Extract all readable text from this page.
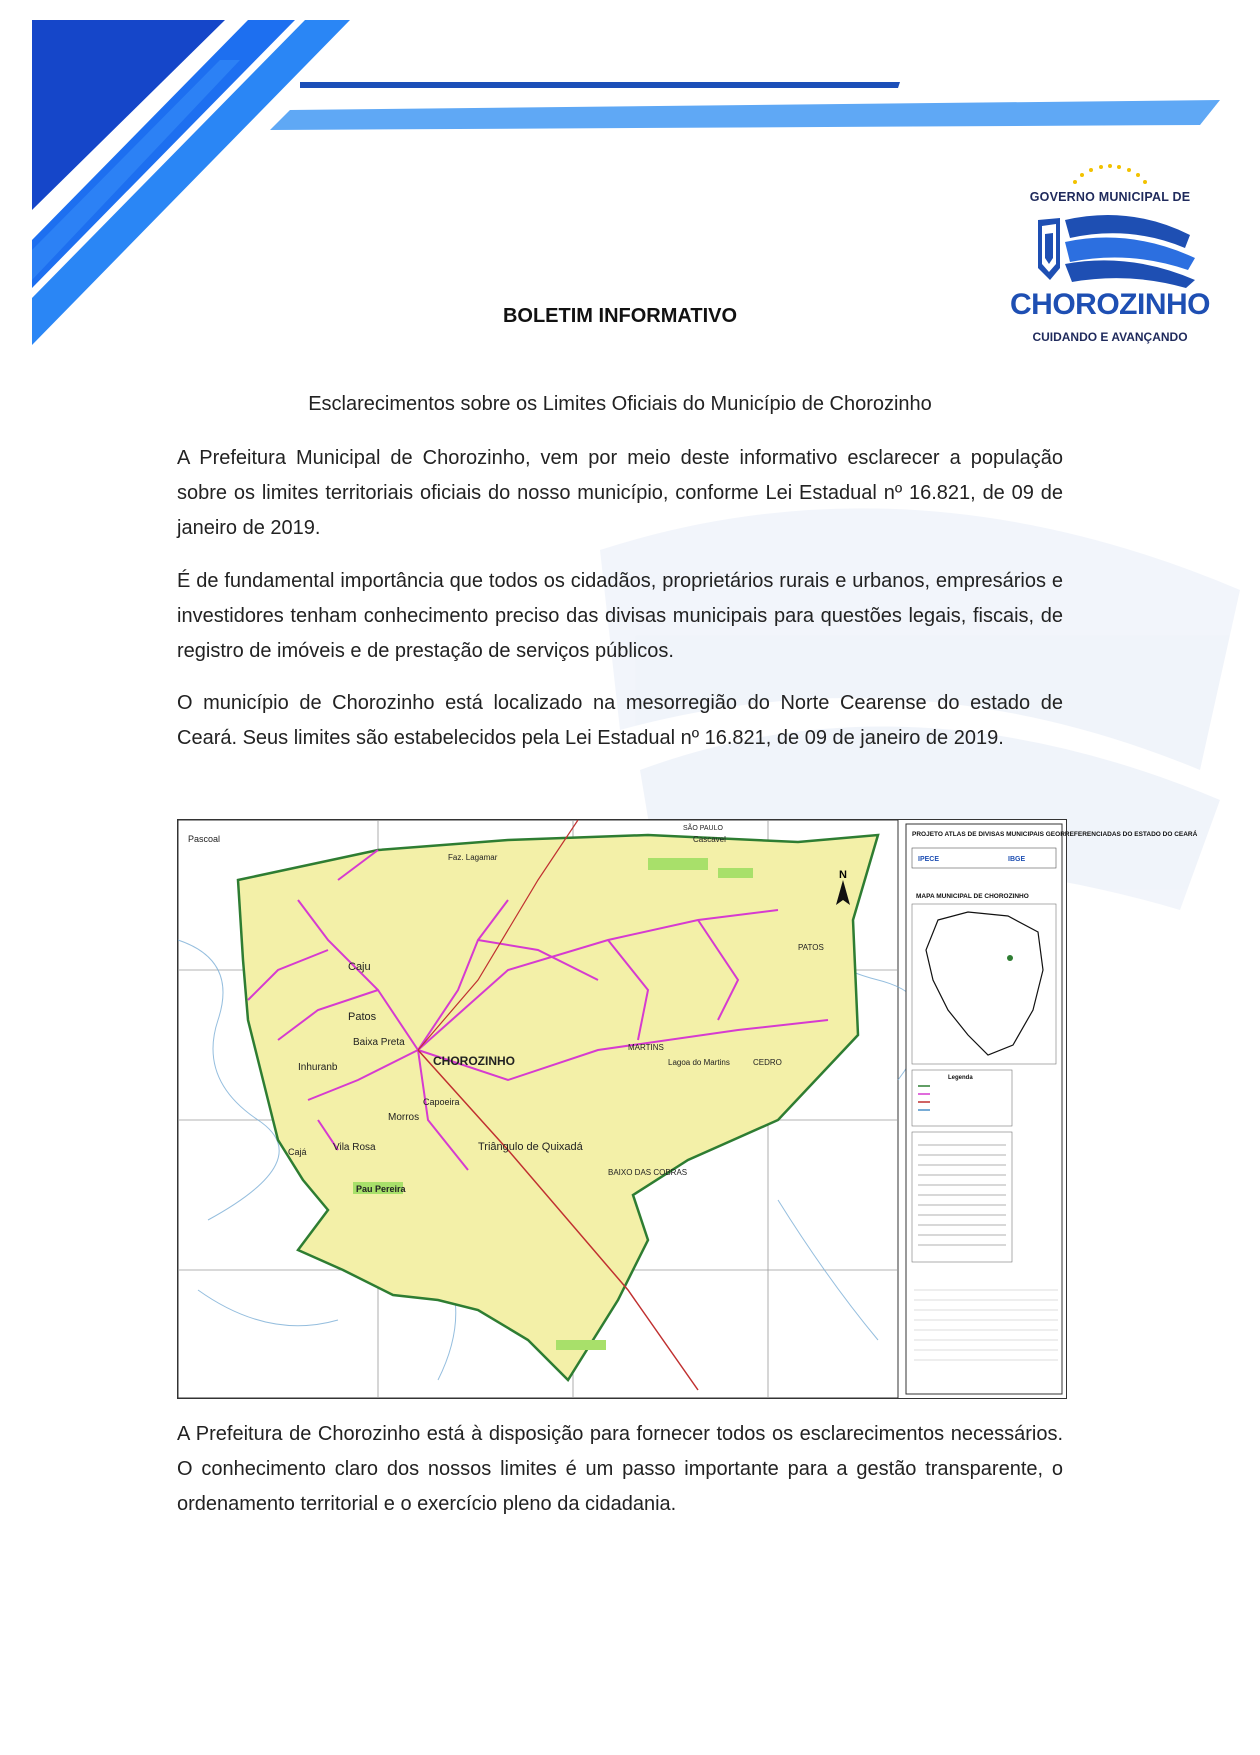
GOVERNO MUNICIPAL DE
CHOROZINHO
CUIDANDO E AVANÇANDO
BOLETIM INFORMATIVO
Esclarecimentos sobre os Limites Oficiais do Município de Chorozinho

A Prefeitura Municipal de Chorozinho, vem por meio deste informativo esclarecer a população sobre os limites territoriais oficiais do nosso município, conforme Lei Estadual nº 16.821, de 09 de janeiro de 2019.

É de fundamental importância que todos os cidadãos, proprietários rurais e urbanos, empresários e investidores tenham conhecimento preciso das divisas municipais para questões legais, fiscais, de registro de imóveis e de prestação de serviços públicos.

O município de Chorozinho está localizado na mesorregião do Norte Cearense do estado de Ceará. Seus limites são estabelecidos pela Lei Estadual nº 16.821, de 09 de janeiro de 2019.

CHOROZINHO
Triângulo de Quixadá
Patos
Caju
Baixa Preta
Inhuranb
Morros
Vila Rosa
Pau Pereira
Capoeira
Cajá
Faz. Lagamar
CEDRO
MARTINS
PATOS
Lagoa do Martins
Cascavel
Pascoal
BAIXO DAS COBRAS
SÃO PAULO
N
PROJETO ATLAS DE DIVISAS MUNICIPAIS GEORREFERENCIADAS DO ESTADO DO CEARÁ
IPECE	IBGE
MAPA MUNICIPAL DE CHOROZINHO
Legenda

A Prefeitura de Chorozinho está à disposição para fornecer todos os esclarecimentos necessários. O conhecimento claro dos nossos limites é um passo importante para a gestão transparente, o ordenamento territorial e o exercício pleno da cidadania.
